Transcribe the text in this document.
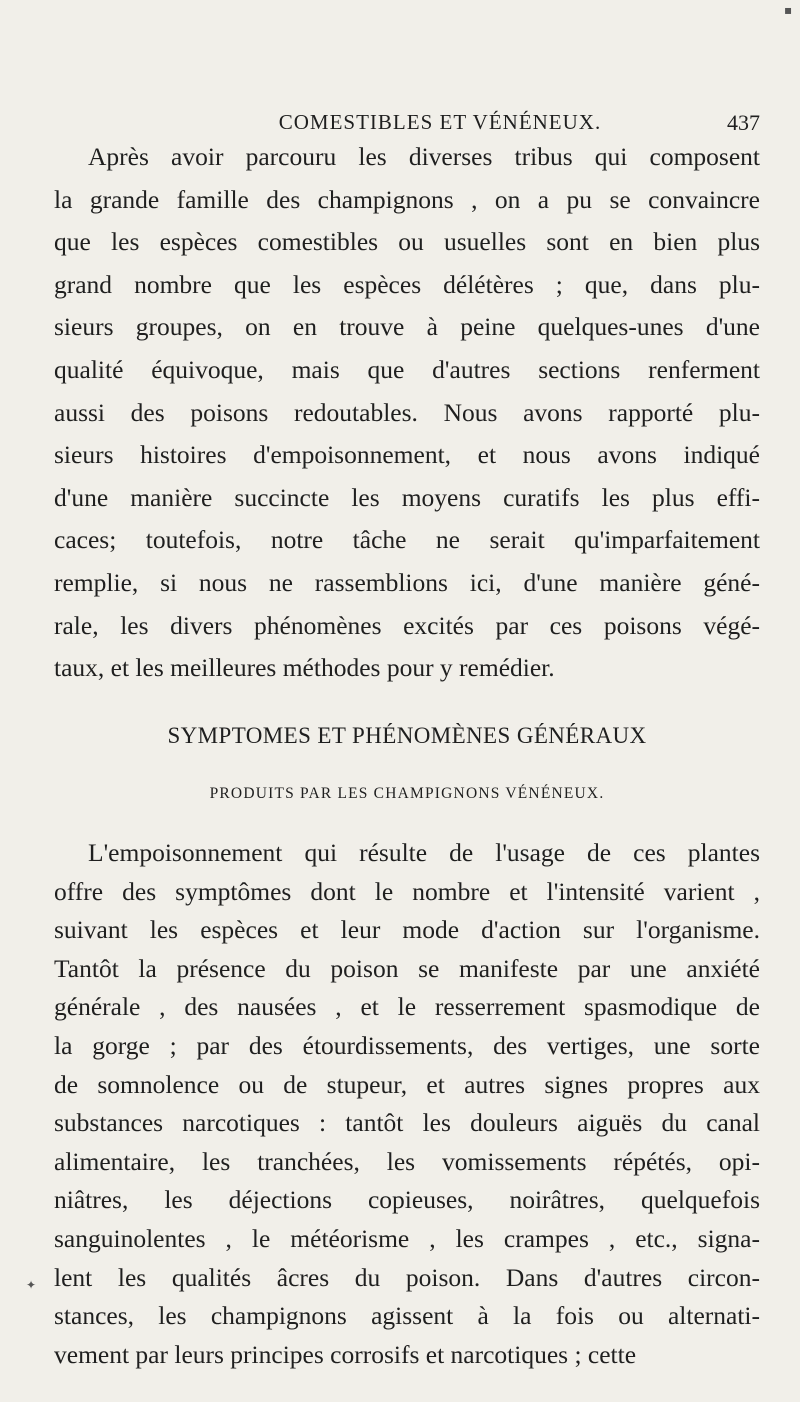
COMESTIBLES ET VÉNÉNEUX.	437
Après avoir parcouru les diverses tribus qui composent
la grande famille des champignons , on a pu se convaincre
que les espèces comestibles ou usuelles sont en bien plus
grand nombre que les espèces délétères ; que, dans plu-
sieurs groupes, on en trouve à peine quelques-unes d'une
qualité équivoque, mais que d'autres sections renferment
aussi des poisons redoutables. Nous avons rapporté plu-
sieurs histoires d'empoisonnement, et nous avons indiqué
d'une manière succincte les moyens curatifs les plus effi-
caces; toutefois, notre tâche ne serait qu'imparfaitement
remplie, si nous ne rassemblions ici, d'une manière géné-
rale, les divers phénomènes excités par ces poisons végé-
taux, et les meilleures méthodes pour y remédier.
SYMPTOMES ET PHÉNOMÈNES GÉNÉRAUX
PRODUITS PAR LES CHAMPIGNONS VÉNÉNEUX.
L'empoisonnement qui résulte de l'usage de ces plantes
offre des symptômes dont le nombre et l'intensité varient ,
suivant les espèces et leur mode d'action sur l'organisme.
Tantôt la présence du poison se manifeste par une anxiété
générale , des nausées , et le resserrement spasmodique de
la gorge ; par des étourdissements, des vertiges, une sorte
de somnolence ou de stupeur, et autres signes propres aux
substances narcotiques : tantôt les douleurs aiguës du canal
alimentaire, les tranchées, les vomissements répétés, opi-
niâtres, les déjections copieuses, noirâtres, quelquefois
sanguinolentes , le météorisme , les crampes , etc., signa-
lent les qualités âcres du poison. Dans d'autres circon-
stances, les champignons agissent à la fois ou alternati-
▪
✦
vement par leurs principes corrosifs et narcotiques ; cette
